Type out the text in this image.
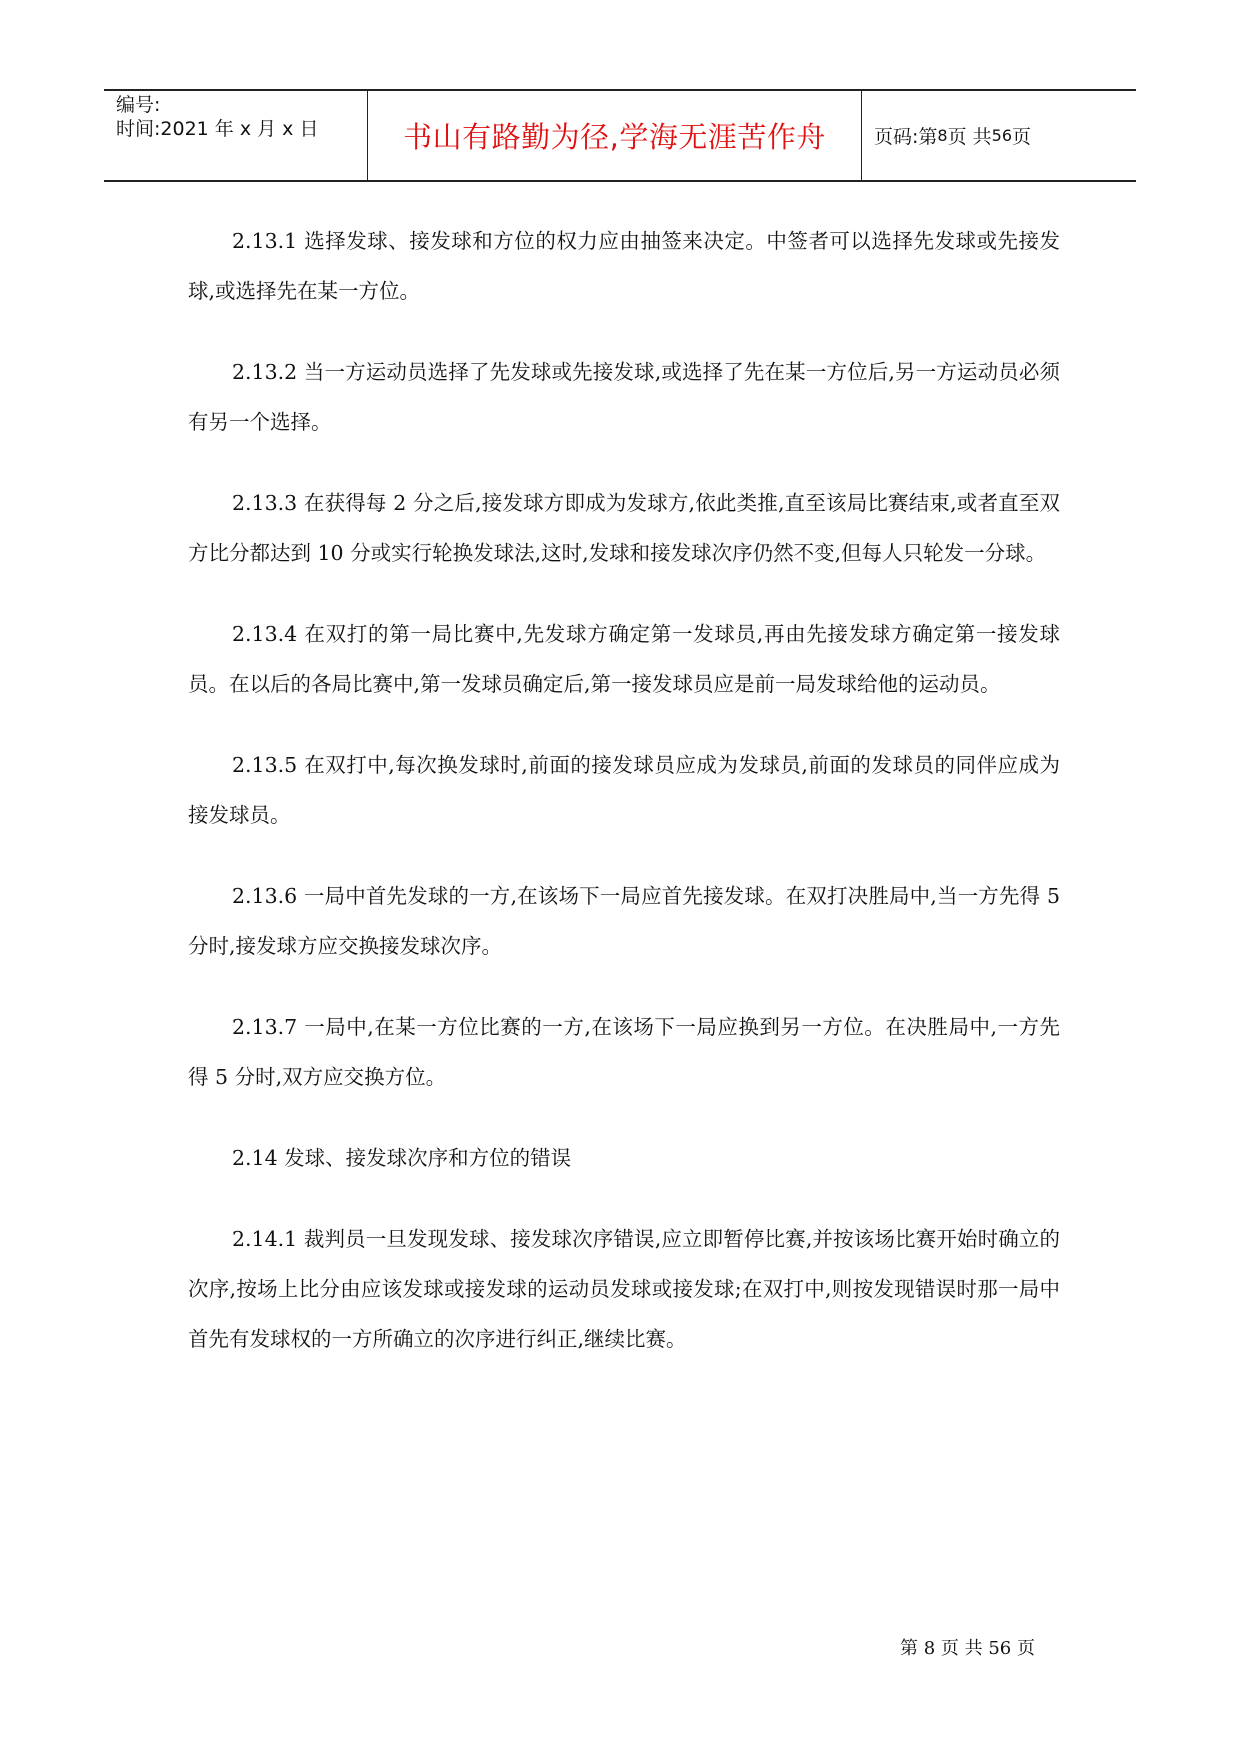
编号:
时间:2021 年 x 月 x 日	书山有路勤为径,学海无涯苦作舟	页码:第 8 页 共 56 页

2.13.1 选择发球、接发球和方位的权力应由抽签来决定。中签者可以选择先发球或先接发球,或选择先在某一方位。

2.13.2 当一方运动员选择了先发球或先接发球,或选择了先在某一方位后,另一方运动员必须有另一个选择。

2.13.3 在获得每 2 分之后,接发球方即成为发球方,依此类推,直至该局比赛结束,或者直至双方比分都达到 10 分或实行轮换发球法,这时,发球和接发球次序仍然不变,但每人只轮发一分球。

2.13.4 在双打的第一局比赛中,先发球方确定第一发球员,再由先接发球方确定第一接发球员。在以后的各局比赛中,第一发球员确定后,第一接发球员应是前一局发球给他的运动员。

2.13.5 在双打中,每次换发球时,前面的接发球员应成为发球员,前面的发球员的同伴应成为接发球员。

2.13.6 一局中首先发球的一方,在该场下一局应首先接发球。在双打决胜局中,当一方先得 5 分时,接发球方应交换接发球次序。

2.13.7 一局中,在某一方位比赛的一方,在该场下一局应换到另一方位。在决胜局中,一方先得 5 分时,双方应交换方位。

2.14 发球、接发球次序和方位的错误

2.14.1 裁判员一旦发现发球、接发球次序错误,应立即暂停比赛,并按该场比赛开始时确立的次序,按场上比分由应该发球或接发球的运动员发球或接发球;在双打中,则按发现错误时那一局中首先有发球权的一方所确立的次序进行纠正,继续比赛。

第 8 页 共 56 页
